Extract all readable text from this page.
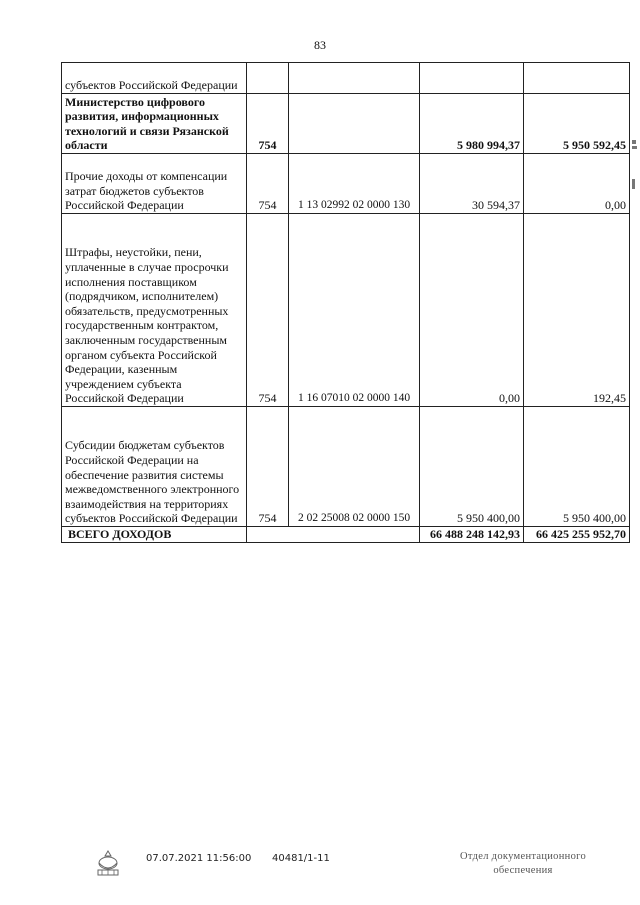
83
субъектов Российской Федерации				
Министерство цифрового развития, информационных технологий и связи Рязанской области	754		5 980 994,37	5 950 592,45
Прочие доходы от компенсации затрат бюджетов субъектов Российской Федерации	754	1 13 02992 02 0000 130	30 594,37	0,00
Штрафы, неустойки, пени, уплаченные в случае просрочки исполнения поставщиком (подрядчиком, исполнителем) обязательств, предусмотренных государственным контрактом, заключенным государственным органом субъекта Российской Федерации, казенным учреждением субъекта Российской Федерации	754	1 16 07010 02 0000 140	0,00	192,45
Субсидии бюджетам субъектов Российской Федерации на обеспечение развития системы межведомственного электронного взаимодействия на территориях субъектов Российской Федерации	754	2 02 25008 02 0000 150	5 950 400,00	5 950 400,00
ВСЕГО ДОХОДОВ			66 488 248 142,93	66 425 255 952,70
07.07.2021 11:56:00 40481/1-11	Отдел документационного
обеспечения
